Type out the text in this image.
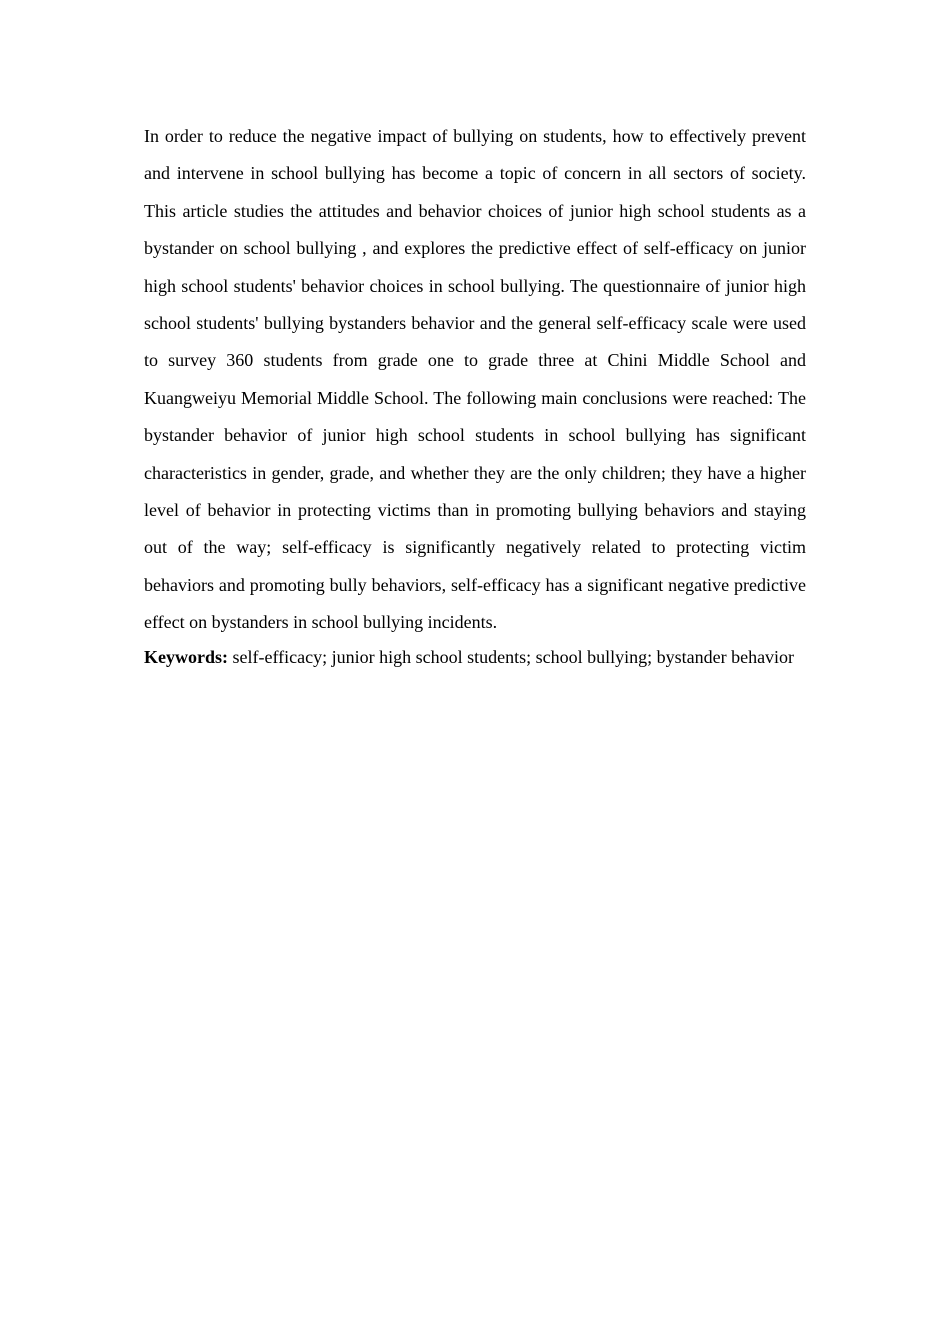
In order to reduce the negative impact of bullying on students, how to effectively prevent and intervene in school bullying has become a topic of concern in all sectors of society. This article studies the attitudes and behavior choices of junior high school students as a bystander on school bullying , and explores the predictive effect of self-efficacy on junior high school students' behavior choices in school bullying. The questionnaire of junior high school students' bullying bystanders behavior and the general self-efficacy scale were used to survey 360 students from grade one to grade three at Chini Middle School and Kuangweiyu Memorial Middle School. The following main conclusions were reached: The bystander behavior of junior high school students in school bullying has significant characteristics in gender, grade, and whether they are the only children; they have a higher level of behavior in protecting victims than in promoting bullying behaviors and staying out of the way; self-efficacy is significantly negatively related to protecting victim behaviors and promoting bully behaviors, self-efficacy has a significant negative predictive effect on bystanders in school bullying incidents.

Keywords: self-efficacy; junior high school students; school bullying; bystander behavior
